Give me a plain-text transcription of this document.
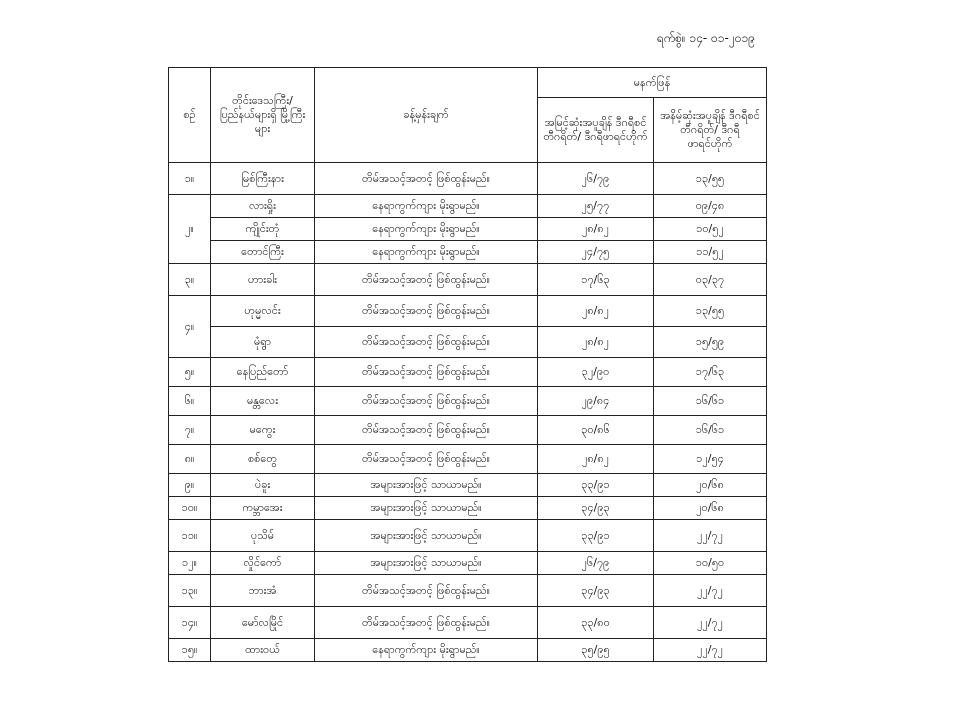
ရက်စွဲ။ ၁၄- ၀၁-၂၀၁၉
စဉ်	တိုင်းဒေသကြီး/ ပြည်နယ်များရှိ မြို့ကြီးများ	ခန့်မှန်းချက်	မနက်ဖြန်	
			အမြင့်ဆုံးအပူချိန် ဒီဂရီစင်တီဂရိတ်/ ဒီဂရီဖာရင်ဟိုက်	အနိမ့်ဆုံးအပူချိန် ဒီဂရီစင်တီဂရိတ်/ ဒီဂရီဖာရင်ဟိုက်
၁။	မြစ်ကြီးနား	တိမ်အသင့်အတင့် ဖြစ်ထွန်းမည်။	၂၆/၇၉	၁၃/၅၅
၂။	လားရှိုး	နေရာကွက်ကျား မိုးရွာမည်။	၂၅/၇၇	၀၉/၄၈
	ကျိုင်းတုံ	နေရာကွက်ကျား မိုးရွာမည်။	၂၈/၈၂	၁၀/၅၂
	တောင်ကြီး	နေရာကွက်ကျား မိုးရွာမည်။	၂၄/၇၅	၁၁/၅၂
၃။	ဟားခါး	တိမ်အသင့်အတင့် ဖြစ်ထွန်းမည်။	၁၇/၆၃	၀၃/၃၇
၄။	ဟုမ္မလင်း	တိမ်အသင့်အတင့် ဖြစ်ထွန်းမည်။	၂၈/၈၂	၁၃/၅၅
	မုံရွာ	တိမ်အသင့်အတင့် ဖြစ်ထွန်းမည်။	၂၈/၈၂	၁၅/၅၉
၅။	နေပြည်တော်	တိမ်အသင့်အတင့် ဖြစ်ထွန်းမည်။	၃၂/၉၀	၁၇/၆၃
၆။	မန္တလေး	တိမ်အသင့်အတင့် ဖြစ်ထွန်းမည်။	၂၉/၈၄	၁၆/၆၁
၇။	မကွေး	တိမ်အသင့်အတင့် ဖြစ်ထွန်းမည်။	၃၀/၈၆	၁၆/၆၁
၈။	စစ်တွေ	တိမ်အသင့်အတင့် ဖြစ်ထွန်းမည်။	၂၈/၈၂	၁၂/၅၄
၉။	ပဲခူး	အများအားဖြင့် သာယာမည်။	၃၃/၉၁	၂၀/၆၈
၁၀။	ကမ္ဘာအေး	အများအားဖြင့် သာယာမည်။	၃၄/၉၃	၂၀/၆၈
၁၁။	ပုသိမ်	အများအားဖြင့် သာယာမည်။	၃၃/၉၁	၂၂/၇၂
၁၂။	လှိုင်ကော်	အများအားဖြင့် သာယာမည်။	၂၆/၇၉	၁၀/၅၀
၁၃။	ဘားအံ	တိမ်အသင့်အတင့် ဖြစ်ထွန်းမည်။	၃၄/၉၃	၂၂/၇၂
၁၄။	မော်လမြိုင်	တိမ်အသင့်အတင့် ဖြစ်ထွန်းမည်။	၃၃/၈၀	၂၂/၇၂
၁၅။	ထားဝယ်	နေရာကွက်ကျား မိုးရွာမည်။	၃၅/၉၅	၂၂/၇၂
